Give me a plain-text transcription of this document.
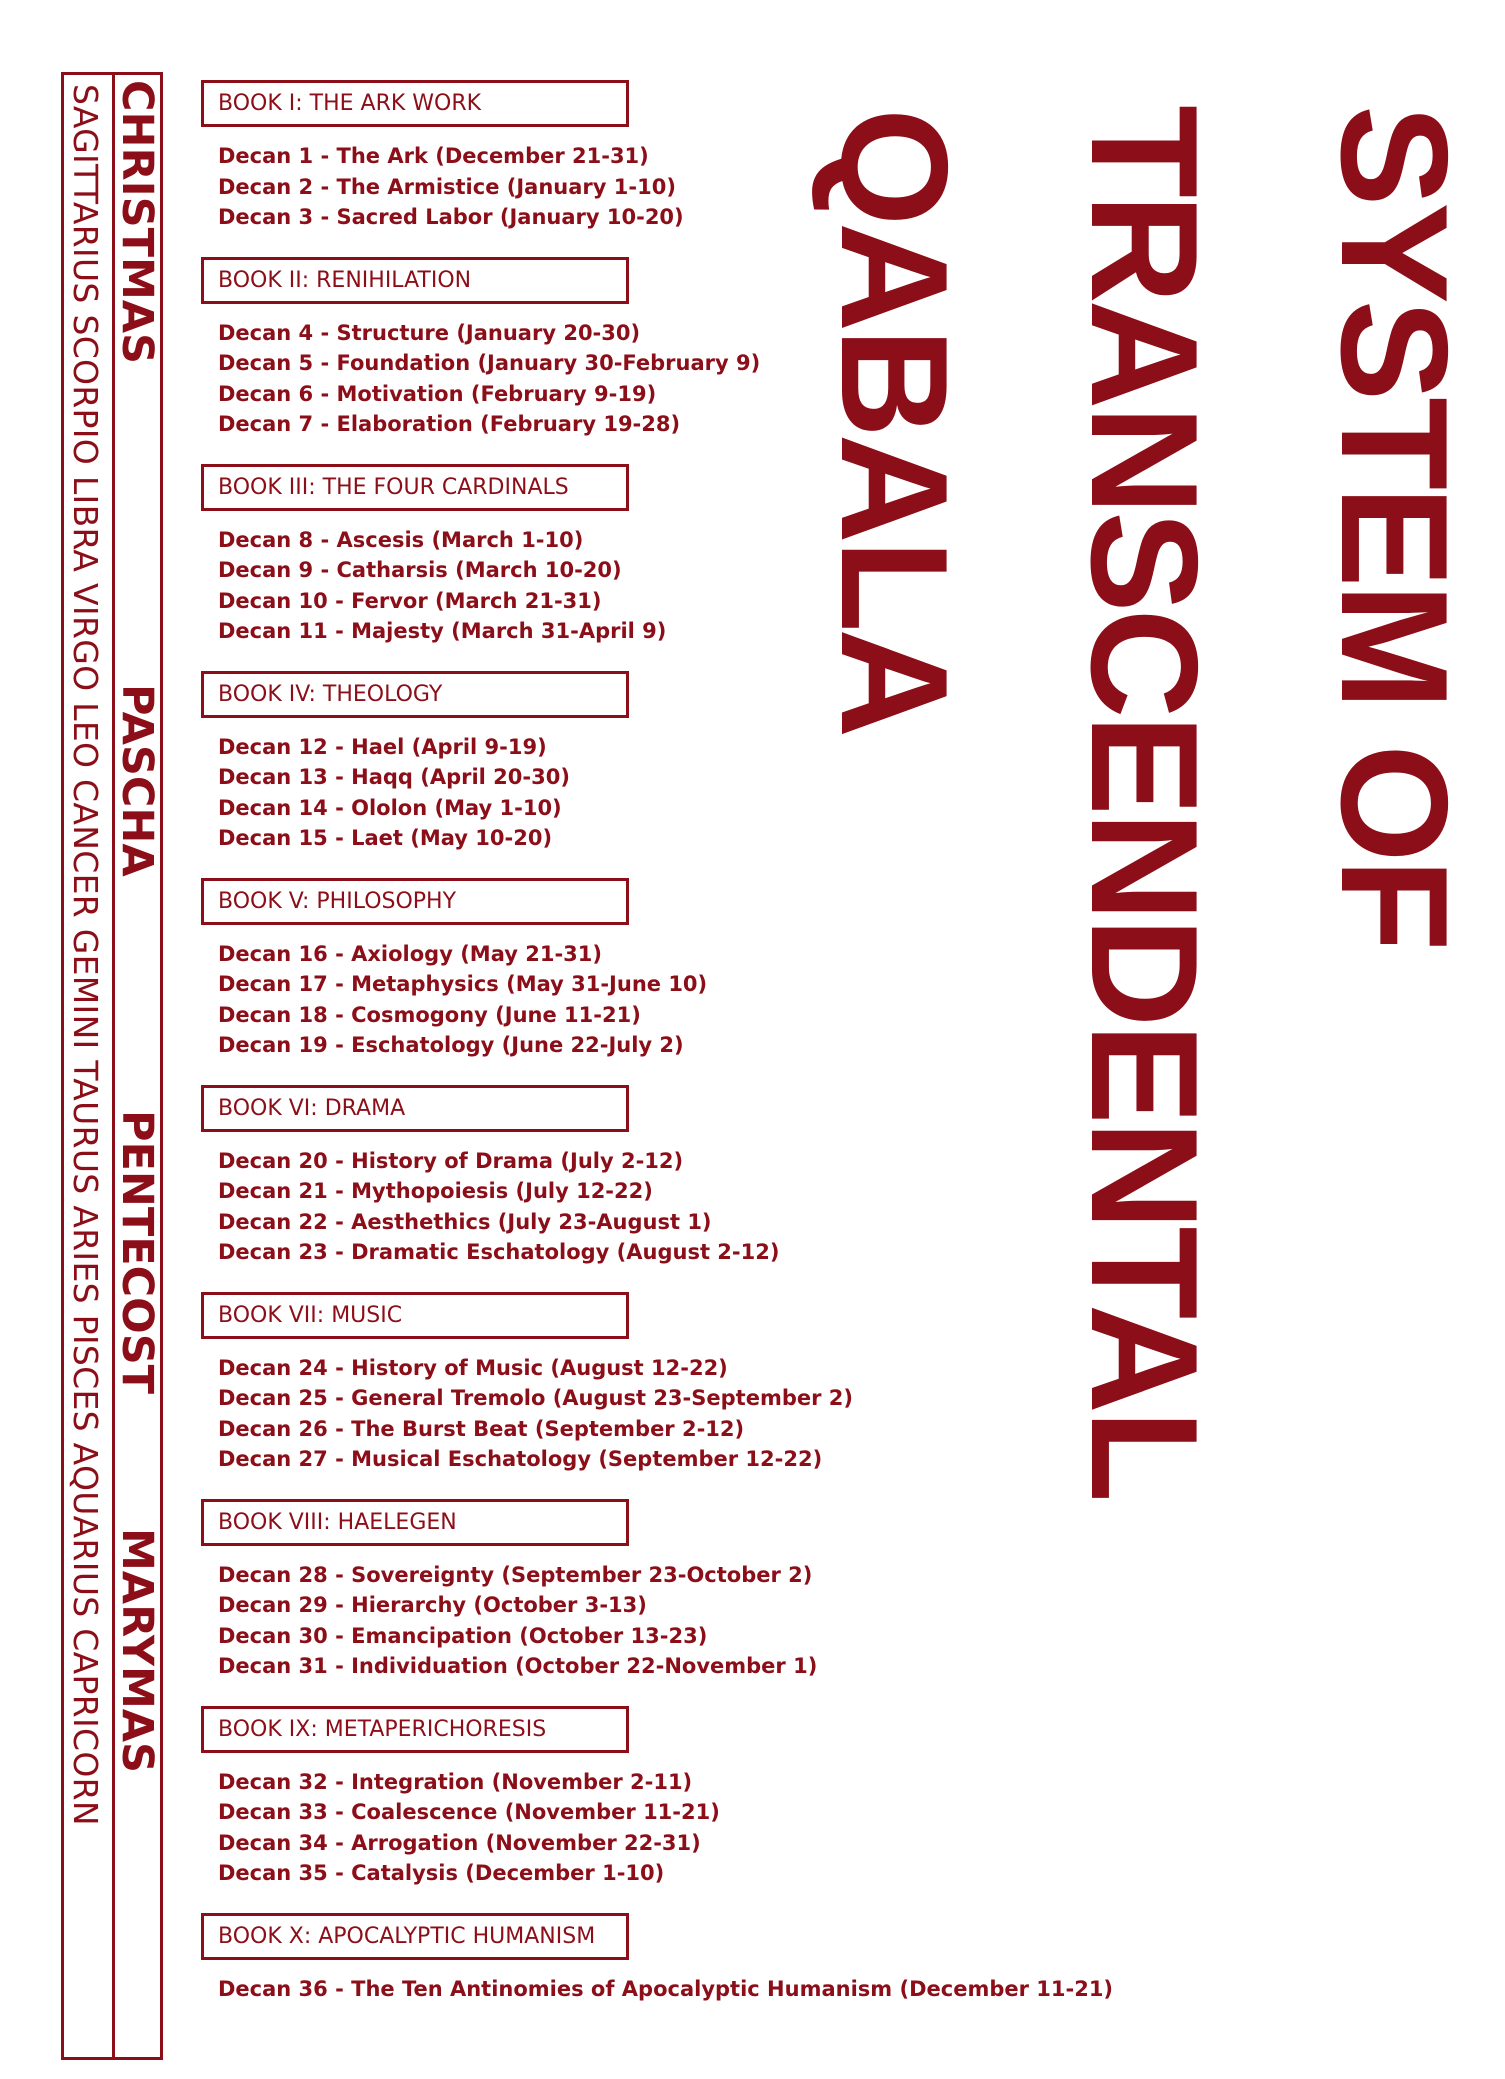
SAGITTARIUS SCORPIO LIBRA VIRGO LEO CANCER GEMINI TAURUS ARIES PISCES AQUARIUS CAPRICORN CHRISTMAS
PASCHA
PENTECOST
MARYMAS
BOOK I: THE ARK WORK
Decan 1 - The Ark (December 21-31)
Decan 2 - The Armistice (January 1-10)
Decan 3 - Sacred Labor (January 10-20)
BOOK II: RENIHILATION
Decan 4 - Structure (January 20-30)
Decan 5 - Foundation (January 30-February 9)
Decan 6 - Motivation (February 9-19)
Decan 7 - Elaboration (February 19-28)
BOOK III: THE FOUR CARDINALS
Decan 8 - Ascesis (March 1-10)
Decan 9 - Catharsis (March 10-20)
Decan 10 - Fervor (March 21-31)
Decan 11 - Majesty (March 31-April 9)
BOOK IV: THEOLOGY
Decan 12 - Hael (April 9-19)
Decan 13 - Haqq (April 20-30)
Decan 14 - Ololon (May 1-10)
Decan 15 - Laet (May 10-20)
BOOK V: PHILOSOPHY
Decan 16 - Axiology (May 21-31)
Decan 17 - Metaphysics (May 31-June 10)
Decan 18 - Cosmogony (June 11-21)
Decan 19 - Eschatology (June 22-July 2)
BOOK VI: DRAMA
Decan 20 - History of Drama (July 2-12)
Decan 21 - Mythopoiesis (July 12-22)
Decan 22 - Aesthethics (July 23-August 1)
Decan 23 - Dramatic Eschatology (August 2-12)
BOOK VII: MUSIC
Decan 24 - History of Music (August 12-22)
Decan 25 - General Tremolo (August 23-September 2)
Decan 26 - The Burst Beat (September 2-12)
Decan 27 - Musical Eschatology (September 12-22)
BOOK VIII: HAELEGEN
Decan 28 - Sovereignty (September 23-October 2)
Decan 29 - Hierarchy (October 3-13)
Decan 30 - Emancipation (October 13-23)
Decan 31 - Individuation (October 22-November 1)
BOOK IX: METAPERICHORESIS
Decan 32 - Integration (November 2-11)
Decan 33 - Coalescence (November 11-21)
Decan 34 - Arrogation (November 22-31)
Decan 35 - Catalysis (December 1-10)
BOOK X: APOCALYPTIC HUMANISM
Decan 36 - The Ten Antinomies of Apocalyptic Humanism (December 11-21)
SYSTEM OF
TRANSCENDENTAL
QABALA
